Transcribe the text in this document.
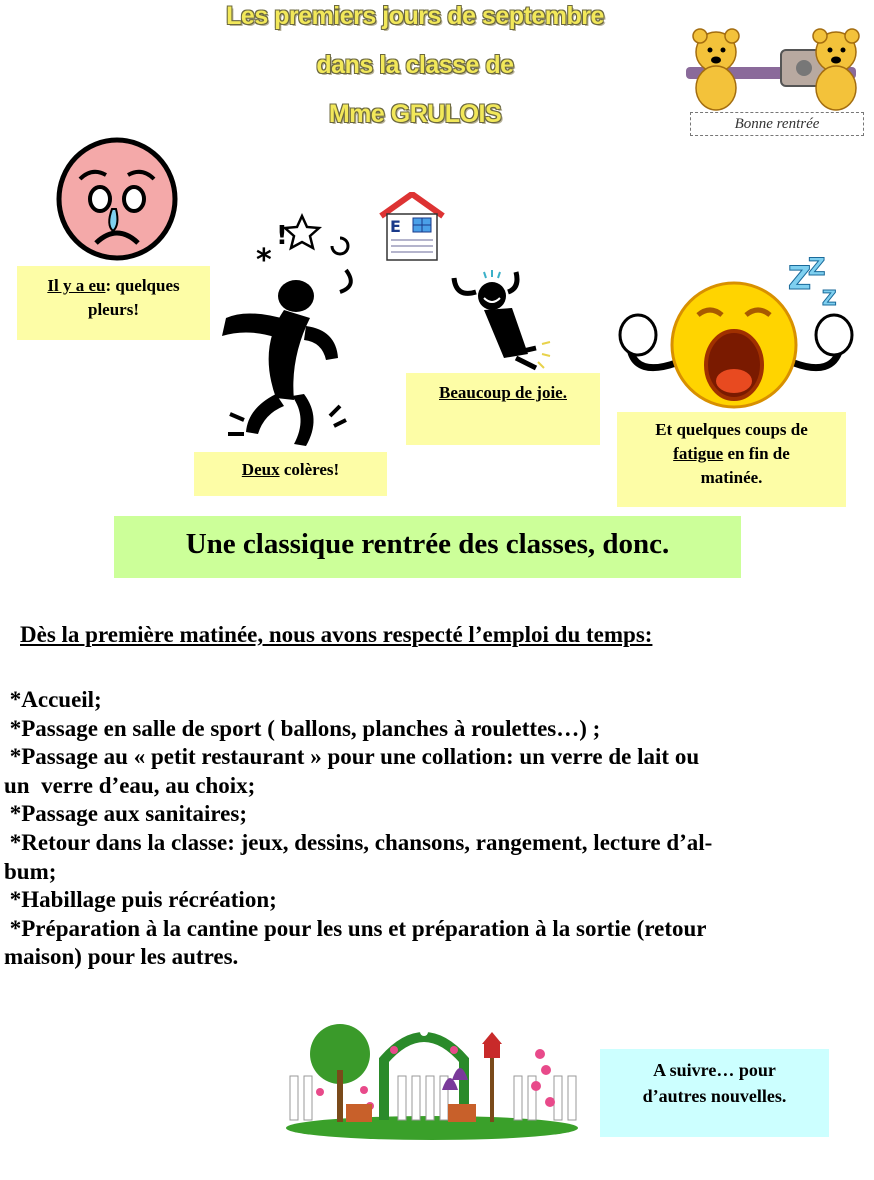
Les premiers jours de septembre
dans la classe de
Mme GRULOIS	Bonne rentrée
*
!	E
Z
Z
Z
Il y a eu: quelques
pleurs!
Deux colères!
Beaucoup de joie.
Et quelques coups de
fatigue en fin de
matinée.
Une classique rentrée des classes, donc.
Dès la première matinée, nous avons respecté l’emploi du temps:
*Accueil;
*Passage en salle de sport ( ballons, planches à roulettes…) ;
*Passage au « petit restaurant » pour une collation: un verre de lait ou
un  verre d’eau, au choix;
*Passage aux sanitaires;
*Retour dans la classe: jeux, dessins, chansons, rangement, lecture d’al-
bum;
*Habillage puis récréation;
*Préparation à la cantine pour les uns et préparation à la sortie (retour
maison) pour les autres.
A suivre… pour
d’autres nouvelles.
